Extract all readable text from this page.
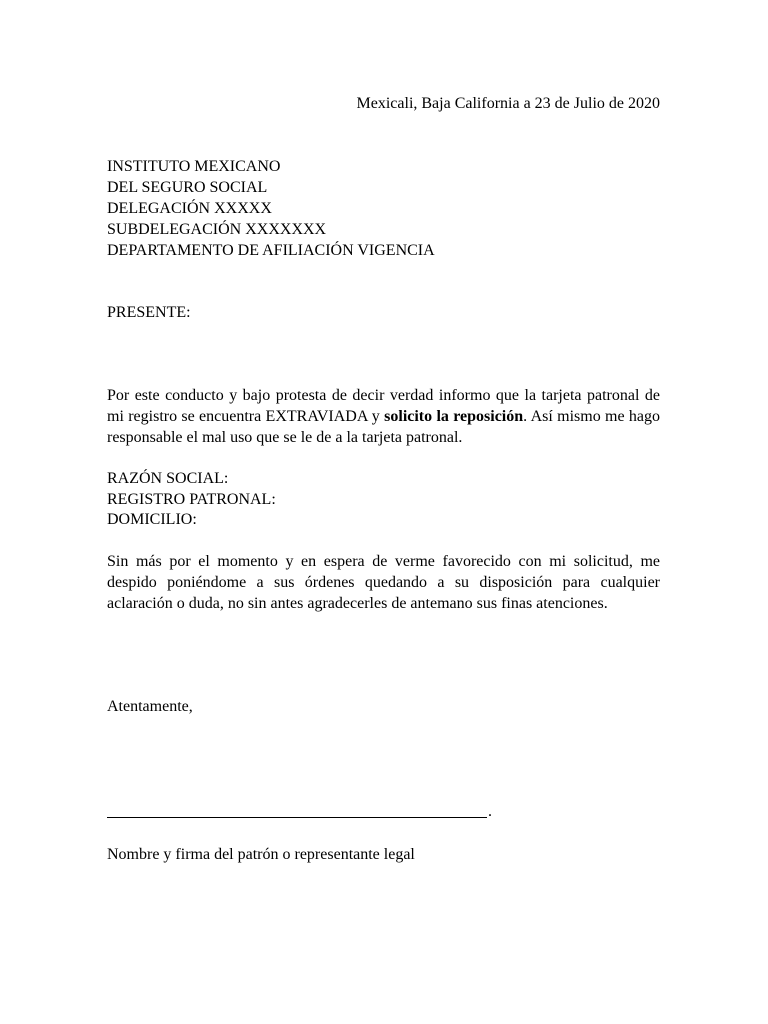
Mexicali, Baja California a 23 de Julio de 2020
INSTITUTO MEXICANO
DEL SEGURO SOCIAL
DELEGACIÓN XXXXX
SUBDELEGACIÓN XXXXXXX
DEPARTAMENTO DE AFILIACIÓN VIGENCIA
PRESENTE:

Por este conducto y bajo protesta de decir verdad informo que la tarjeta patronal de mi registro se encuentra EXTRAVIADA y solicito la reposición. Así mismo me hago responsable el mal uso que se le de a la tarjeta patronal.

RAZÓN SOCIAL:
REGISTRO PATRONAL:
DOMICILIO:

Sin más por el momento y en espera de verme favorecido con mi solicitud, me despido poniéndome a sus órdenes quedando a su disposición para cualquier aclaración o duda, no sin antes agradecerles de antemano sus finas atenciones.

Atentamente,
.
Nombre y firma del patrón o representante legal
